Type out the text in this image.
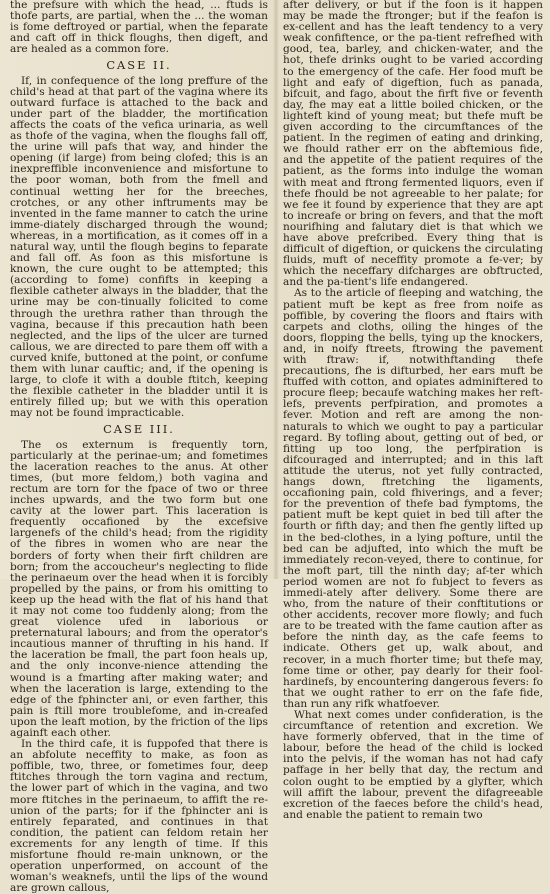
the prefsure with which the head, ... ftuds is thofe parts, are partial, when the ... the woman is fome deftroyed or partial, when the feparate and caft off in thick floughs, then digeft, and are healed as a common fore.

CASE II.

If, in confequence of the long preffure of the child's head at that part of the vagina where its outward furface is attached to the back and under part of the bladder, the mortification affects the coats of the vefica urinaria, as well as thofe of the vagina, when the floughs fall off, the urine will pafs that way, and hinder the opening (if large) from being clofed; this is an inexpreffible inconvenience and misfortune to the poor woman, both from the fmell and continual wetting her for the breeches, crotches, or any other inftruments may be invented in the fame manner to catch the urine imme-diately discharged through the wound; whereas, in a mortification, as it comes off in a natural way, until the flough begins to feparate and fall off. As foon as this misfortune is known, the cure ought to be attempted; this (according to fome) confifts in keeping a flexible catheter always in the bladder, that the urine may be con-tinually folicited to come through the urethra rather than through the vagina, because if this precaution hath been neglected, and the lips of the ulcer are turned callous, we are directed to pare them off with a curved knife, buttoned at the point, or confume them with lunar cauftic; and, if the opening is large, to clofe it with a double ftitch, keeping the flexible catheter in the bladder until it is entirely filled up; but we with this operation may not be found impracticable.

CASE III.

The os externum is frequently torn, particularly at the perinae-um; and fometimes the laceration reaches to the anus. At other times, (but more feldom,) both vagina and rectum are torn for the fpace of two or three inches upwards, and the two form but one cavity at the lower part. This laceration is frequently occafioned by the excefsive largenefs of the child's head; from the rigidity of the fibres in women who are near the borders of forty when their firft children are born; from the accoucheur's neglecting to flide the perinaeum over the head when it is forcibly propelled by the pains, or from his omitting to keep up the head with the flat of his hand that it may not come too fuddenly along; from the great violence ufed in laborious or preternatural labours; and from the operator's incautious manner of thrufting in his hand. If the laceration be fmall, the part foon heals up, and the only inconve-nience attending the wound is a fmarting after making water; and when the laceration is large, extending to the edge of the fphincter ani, or even farther, this pain is ftill more troublefome, and in-creafed upon the leaft motion, by the friction of the lips againft each other.

In the third cafe, it is fuppofed that there is an abfolute neceffity to make, as foon as poffible, two, three, or fometimes four, deep ftitches through the torn vagina and rectum, the lower part of which in the vagina, and two more ftitches in the perinaeum, to affift the re-union of the parts; for if the fphincter ani is entirely feparated, and continues in that condition, the patient can feldom retain her excrements for any length of time. If this misfortune fhould re-main unknown, or the operation unperformed, on account of the woman's weaknefs, until the lips of the wound are grown callous,

after delivery, or but if the foon is it happen may be made the ftronger; but if the feafon is ex-cellent and has the leaft tendency to a very weak confiftence, or the pa-tient refrefhed with good, tea, barley, and chicken-water, and the hot, thefe drinks ought to be varied according to the emergency of the cafe. Her food muft be light and eafy of digeftion, fuch as panada, bifcuit, and fago, about the firft five or feventh day, fhe may eat a little boiled chicken, or the lighteft kind of young meat; but thefe muft be given according to the circumftances of the patient. In the regimen of eating and drinking, we fhould rather err on the abftemious fide, and the appetite of the patient requires of the patient, as the forms into indulge the woman with meat and ftrong fermented liquors, even if thefe fhould be not agreeable to her palate; for we fee it found by experience that they are apt to increafe or bring on fevers, and that the moft nourifhing and falutary diet is that which we have above prefcribed. Every thing that is difficult of digeftion, or quickens the circulating fluids, muft of neceffity promote a fe-ver; by which the neceffary difcharges are obftructed, and the pa-tient's life endangered.

As to the article of fleeping and watching, the patient muft be kept as free from noife as poffible, by covering the floors and ftairs with carpets and cloths, oiling the hinges of the doors, flopping the bells, tying up the knockers, and, in noify ftreets, ftrowing the pavement with ftraw: if, notwithftanding thefe precautions, fhe is difturbed, her ears muft be ftuffed with cotton, and opiates adminiftered to procure fleep; becaufe watching makes her reft-lefs, prevents perfpiration, and promotes a fever. Motion and reft are among the non-naturals to which we ought to pay a particular regard. By tofling about, getting out of bed, or fitting up too long, the perfpiration is difcouraged and interrupted; and in this laft attitude the uterus, not yet fully contracted, hangs down, ftretching the ligaments, occafioning pain, cold fhiverings, and a fever; for the prevention of thefe bad fymptoms, the patient muft be kept quiet in bed till after the fourth or fifth day; and then fhe gently lifted up in the bed-clothes, in a lying pofture, until the bed can be adjufted, into which the muft be immediately recon-veyed, there to continue, for the moft part, till the ninth day; af-ter which period women are not fo fubject to fevers as immedi-ately after delivery. Some there are who, from the nature of their conftitutions or other accidents, recover more flowly; and fuch are to be treated with the fame caution after as before the ninth day, as the cafe feems to indicate. Others get up, walk about, and recover, in a much fhorter time; but thefe may, fome time or other, pay dearly for their fool-hardinefs, by encountering dangerous fevers: fo that we ought rather to err on the fafe fide, than run any rifk whatfoever.

What next comes under confideration, is the circumftance of retention and excretion. We have formerly obferved, that in the time of labour, before the head of the child is locked into the pelvis, if the woman has not had cafy paffage in her belly that day, the rectum and colon ought to be emptied by a glyfter, which will affift the labour, prevent the difagreeable excretion of the faeces before the child's head, and enable the patient to remain two
